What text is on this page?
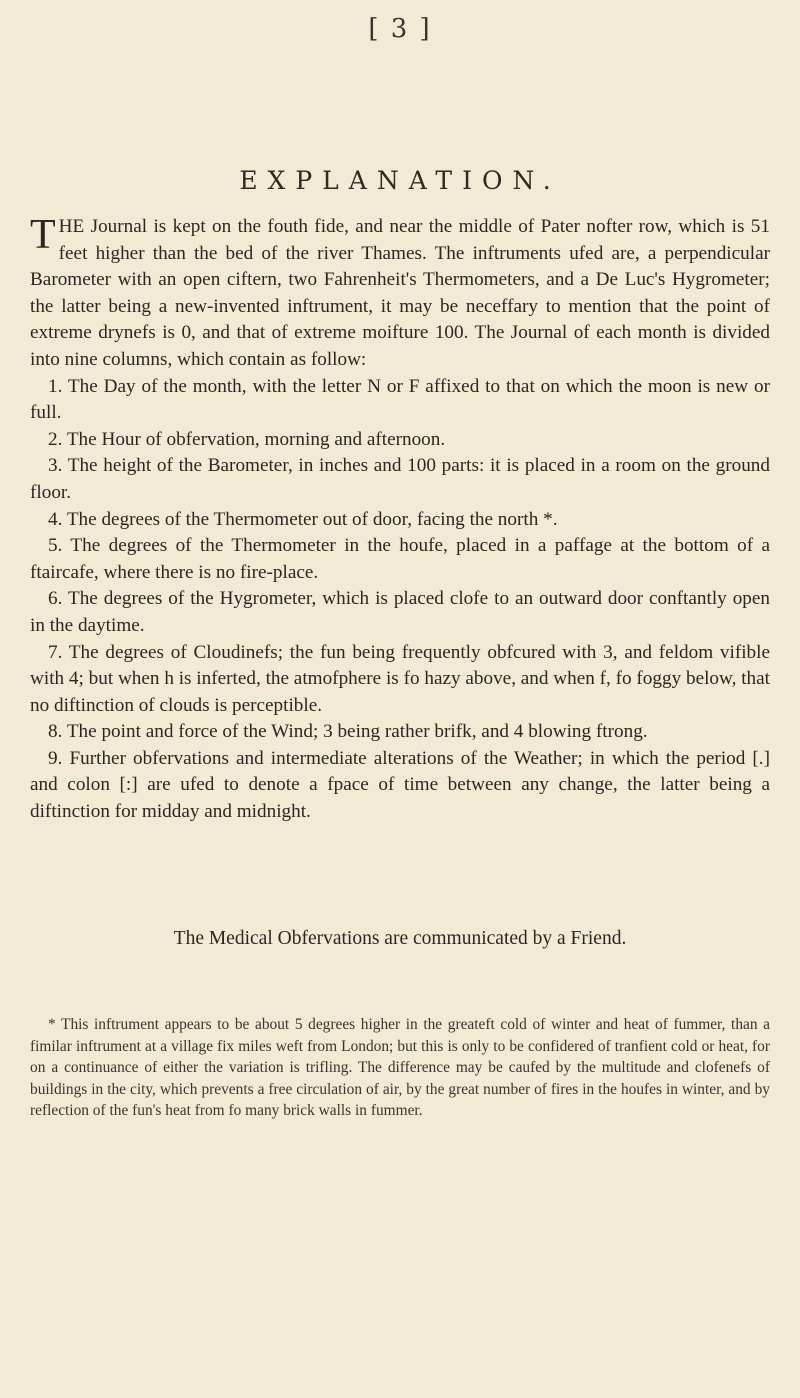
[ 3 ]
EXPLANATION.

THE Journal is kept on the fouth fide, and near the middle of Pater nofter row, which is 51 feet higher than the bed of the river Thames. The inftruments ufed are, a perpendicular Barometer with an open ciftern, two Fahrenheit's Thermometers, and a De Luc's Hygrometer; the latter being a new-invented inftrument, it may be neceffary to mention that the point of extreme drynefs is 0, and that of extreme moifture 100. The Journal of each month is divided into nine columns, which contain as follow:

1. The Day of the month, with the letter N or F affixed to that on which the moon is new or full.

2. The Hour of obfervation, morning and afternoon.

3. The height of the Barometer, in inches and 100 parts: it is placed in a room on the ground floor.

4. The degrees of the Thermometer out of door, facing the north *.

5. The degrees of the Thermometer in the houfe, placed in a paffage at the bottom of a ftaircafe, where there is no fire-place.

6. The degrees of the Hygrometer, which is placed clofe to an outward door conftantly open in the daytime.

7. The degrees of Cloudinefs; the fun being frequently obfcured with 3, and feldom vifible with 4; but when h is inferted, the atmofphere is fo hazy above, and when f, fo foggy below, that no diftinction of clouds is perceptible.

8. The point and force of the Wind; 3 being rather brifk, and 4 blowing ftrong.

9. Further obfervations and intermediate alterations of the Weather; in which the period [.] and colon [:] are ufed to denote a fpace of time between any change, the latter being a diftinction for midday and midnight.

The Medical Obfervations are communicated by a Friend.

* This inftrument appears to be about 5 degrees higher in the greateft cold of winter and heat of fummer, than a fimilar inftrument at a village fix miles weft from London; but this is only to be confidered of tranfient cold or heat, for on a continuance of either the variation is trifling. The difference may be caufed by the multitude and clofenefs of buildings in the city, which prevents a free circulation of air, by the great number of fires in the houfes in winter, and by reflection of the fun's heat from fo many brick walls in fummer.
